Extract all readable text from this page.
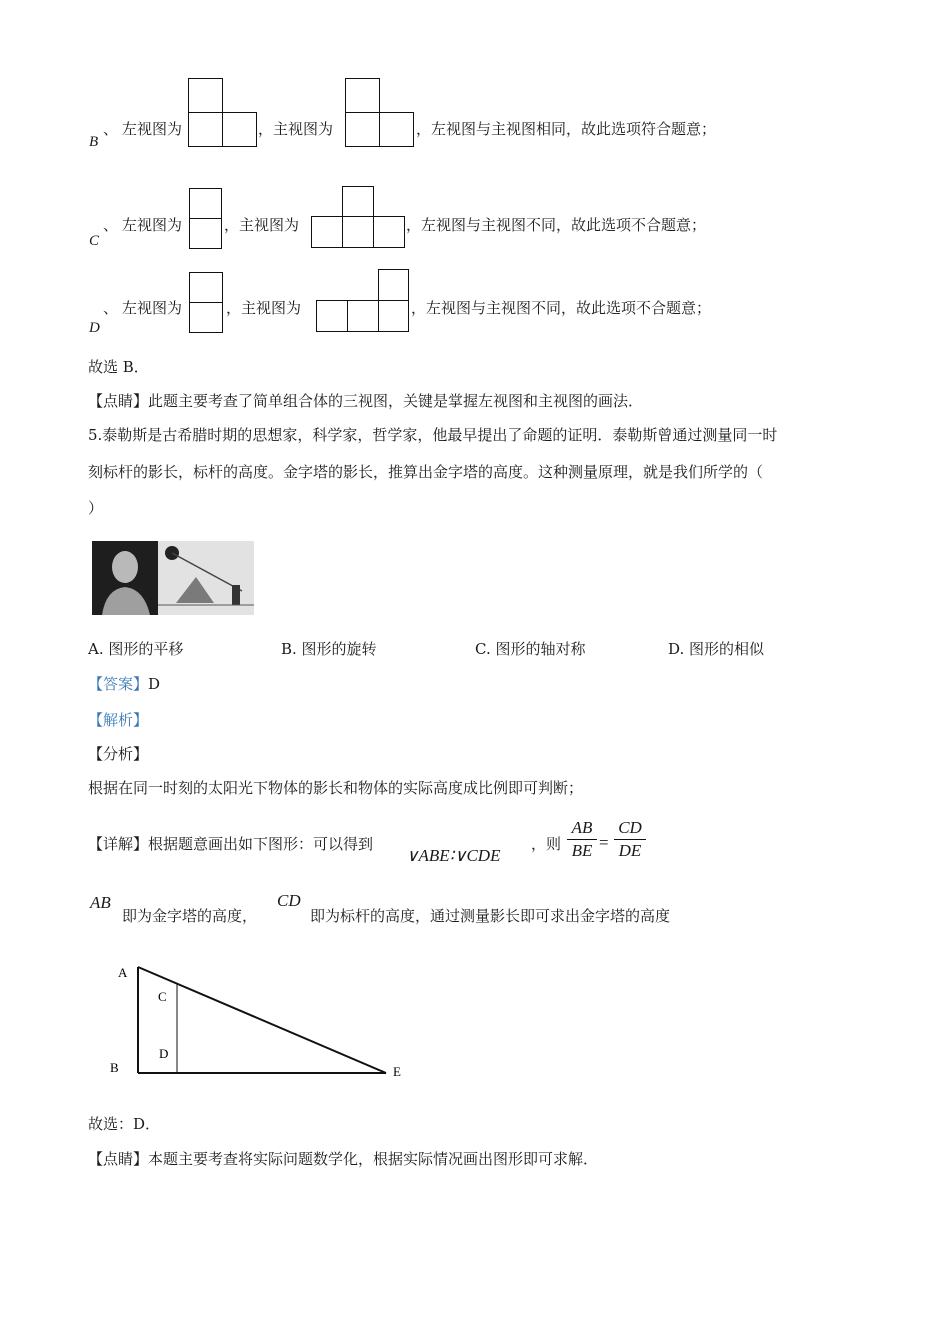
、
B
左视图为	，主视图为	，左视图与主视图相同，故此选项符合题意；
、
C
左视图为	，主视图为	，左视图与主视图不同，故此选项不合题意；
、
D
左视图为	，主视图为	，左视图与主视图不同，故此选项不合题意；
故选 B．
【点睛】此题主要考查了简单组合体的三视图，关键是掌握左视图和主视图的画法．
5.泰勒斯是古希腊时期的思想家，科学家，哲学家，他最早提出了命题的证明．泰勒斯曾通过测量同一时
刻标杆的影长，标杆的高度。金字塔的影长，推算出金字塔的高度。这种测量原理，就是我们所学的（
）
A. 图形的平移	B. 图形的旋转	C. 图形的轴对称	D. 图形的相似
【答案】D
【解析】
【分析】
根据在同一时刻的太阳光下物体的影长和物体的实际高度成比例即可判断；
【详解】根据题意画出如下图形：可以得到
∨ABE∶∨CDE
，则
AB
BE =
CD
DE
AB
即为金字塔的高度，
CD
即为标杆的高度，通过测量影长即可求出金字塔的高度
A
C
D
B	E
故选：D．
【点睛】本题主要考查将实际问题数学化，根据实际情况画出图形即可求解．
